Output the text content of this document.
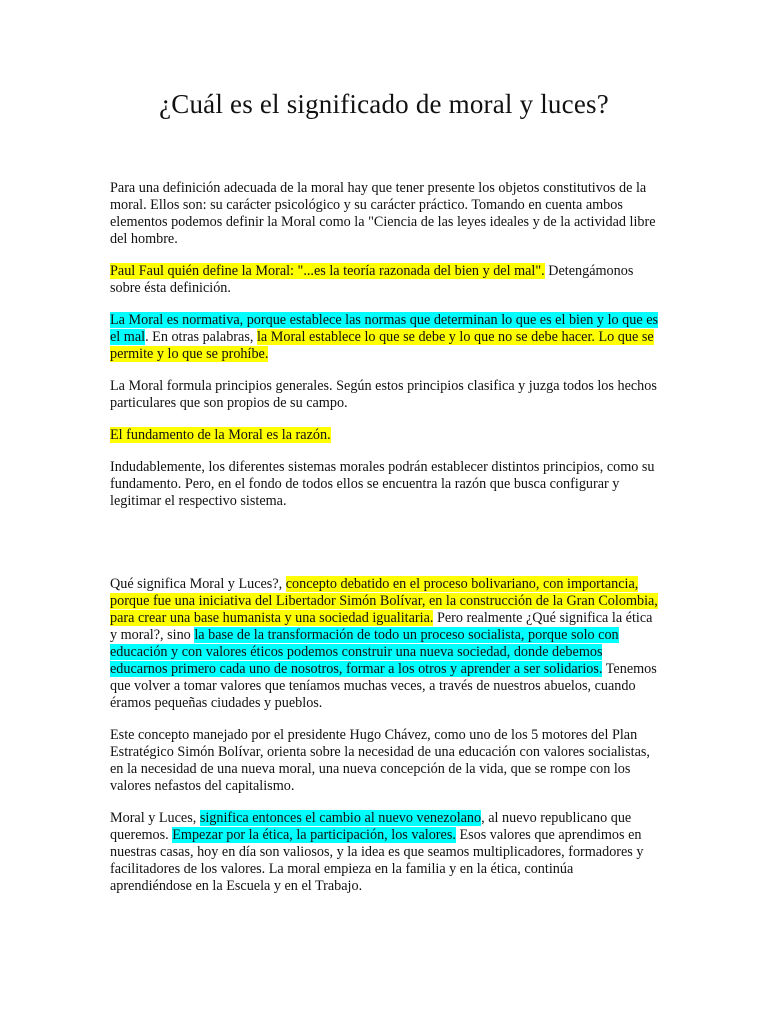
¿Cuál es el significado de moral y luces?

Para una definición adecuada de la moral hay que tener presente los objetos constitutivos de la moral. Ellos son: su carácter psicológico y su carácter práctico. Tomando en cuenta ambos elementos podemos definir la Moral como la "Ciencia de las leyes ideales y de la actividad libre del hombre.

Paul Faul quién define la Moral: "...es la teoría razonada del bien y del mal". Detengámonos sobre ésta definición.

La Moral es normativa, porque establece las normas que determinan lo que es el bien y lo que es el mal. En otras palabras, la Moral establece lo que se debe y lo que no se debe hacer. Lo que se permite y lo que se prohíbe.

La Moral formula principios generales. Según estos principios clasifica y juzga todos los hechos particulares que son propios de su campo.

El fundamento de la Moral es la razón.

Indudablemente, los diferentes sistemas morales podrán establecer distintos principios, como su fundamento. Pero, en el fondo de todos ellos se encuentra la razón que busca configurar y legitimar el respectivo sistema.

Qué significa Moral y Luces?, concepto debatido en el proceso bolivariano, con importancia, porque fue una iniciativa del Libertador Simón Bolívar, en la construcción de la Gran Colombia, para crear una base humanista y una sociedad igualitaria. Pero realmente ¿Qué significa la ética y moral?, sino la base de la transformación de todo un proceso socialista, porque solo con educación y con valores éticos podemos construir una nueva sociedad, donde debemos educarnos primero cada uno de nosotros, formar a los otros y aprender a ser solidarios. Tenemos que volver a tomar valores que teníamos muchas veces, a través de nuestros abuelos, cuando éramos pequeñas ciudades y pueblos.

Este concepto manejado por el presidente Hugo Chávez, como uno de los 5 motores del Plan Estratégico Simón Bolívar, orienta sobre la necesidad de una educación con valores socialistas, en la necesidad de una nueva moral, una nueva concepción de la vida, que se rompe con los valores nefastos del capitalismo.

Moral y Luces, significa entonces el cambio al nuevo venezolano, al nuevo republicano que queremos. Empezar por la ética, la participación, los valores. Esos valores que aprendimos en nuestras casas, hoy en día son valiosos, y la idea es que seamos multiplicadores, formadores y facilitadores de los valores. La moral empieza en la familia y en la ética, continúa aprendiéndose en la Escuela y en el Trabajo.
